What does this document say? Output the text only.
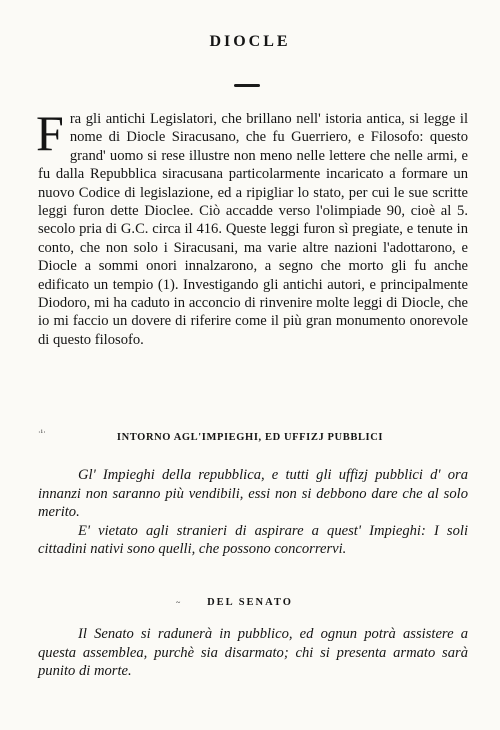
DIOCLE

Fra gli antichi Legislatori, che brillano nell' istoria antica, si legge il nome di Diocle Siracusano, che fu Guerriero, e Filosofo: questo grand' uomo si rese illustre non meno nelle lettere che nelle armi, e fu dalla Repubblica siracusana particolarmente incaricato a formare un nuovo Codice di legislazione, ed a ripigliar lo stato, per cui le sue scritte leggi furon dette Dioclee. Ciò accadde verso l'olimpiade 90, cioè al 5. secolo pria di G.C. circa il 416. Queste leggi furon sì pregiate, e tenute in conto, che non solo i Siracusani, ma varie altre nazioni l'adottarono, e Diocle a sommi onori innalzarono, a segno che morto gli fu anche edificato un tempio (1). Investigando gli antichi autori, e principalmente Diodoro, mi ha caduto in acconcio di rinvenire molte leggi di Diocle, che io mi faccio un dovere di riferire come il più gran monumento onorevole di questo filosofo.

·¹·	INTORNO AGL'IMPIEGHI, ED UFFIZJ PUBBLICI

Gl' Impieghi della repubblica, e tutti gli uffizj pubblici d' ora innanzi non saranno più vendibili, essi non si debbono dare che al solo merito.

E' vietato agli stranieri di aspirare a quest' Impieghi: I soli cittadini nativi sono quelli, che possono concorrervi.

~	DEL SENATO

Il Senato si radunerà in pubblico, ed ognun potrà assistere a questa assemblea, purchè sia disarmato; chi si presenta armato sarà punito di morte.
